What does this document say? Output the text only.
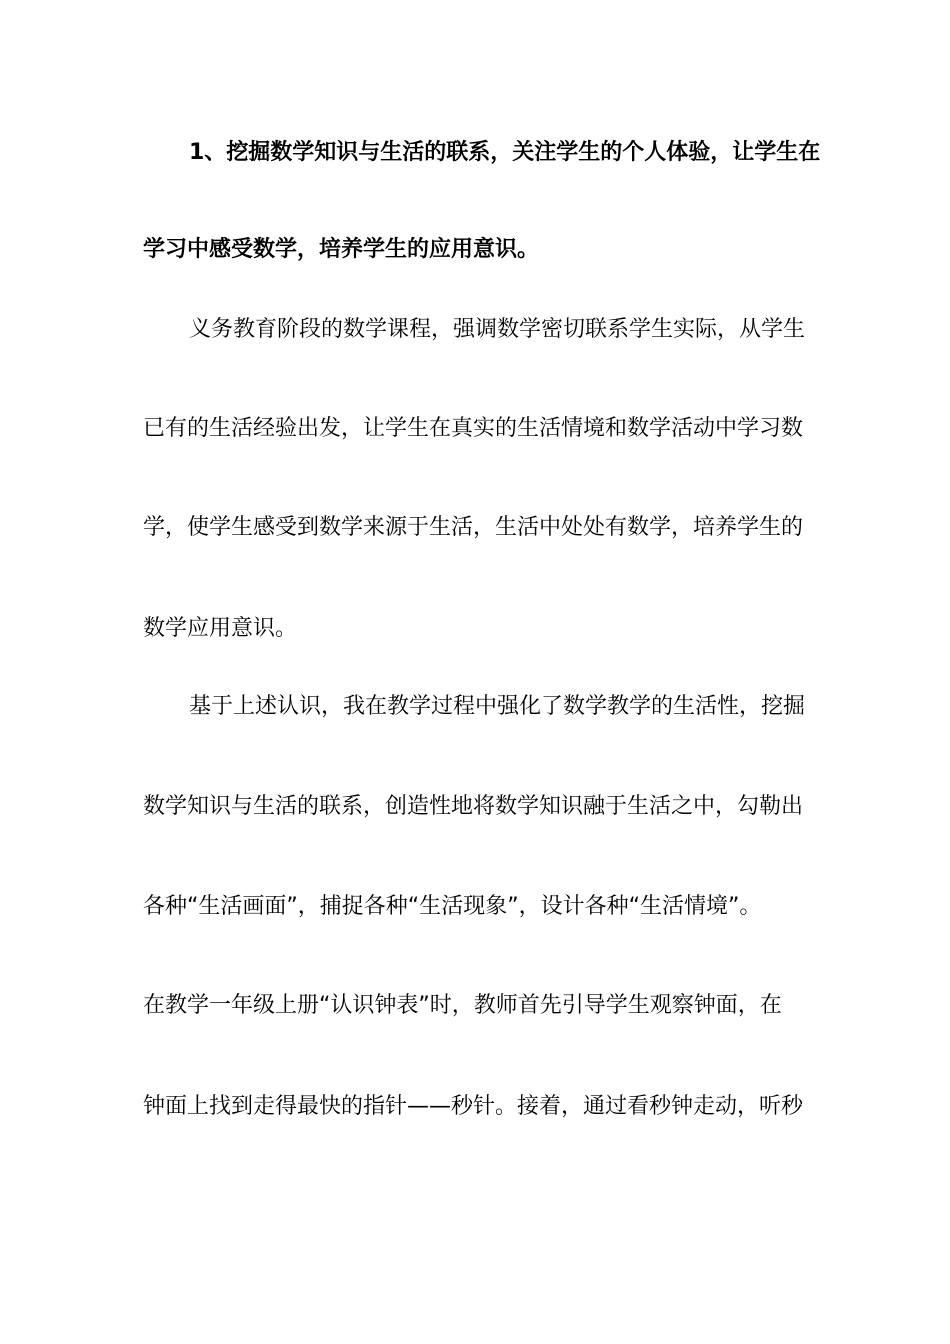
1、挖掘数学知识与生活的联系，关注学生的个人体验，让学生在
学习中感受数学，培养学生的应用意识。
义务教育阶段的数学课程，强调数学密切联系学生实际，从学生
已有的生活经验出发，让学生在真实的生活情境和数学活动中学习数
学，使学生感受到数学来源于生活，生活中处处有数学，培养学生的
数学应用意识。
基于上述认识，我在教学过程中强化了数学教学的生活性，挖掘
数学知识与生活的联系，创造性地将数学知识融于生活之中，勾勒出
各种“生活画面”，捕捉各种“生活现象”，设计各种“生活情境”。
在教学一年级上册“认识钟表”时，教师首先引导学生观察钟面，在
钟面上找到走得最快的指针——秒针。接着，通过看秒钟走动，听秒
